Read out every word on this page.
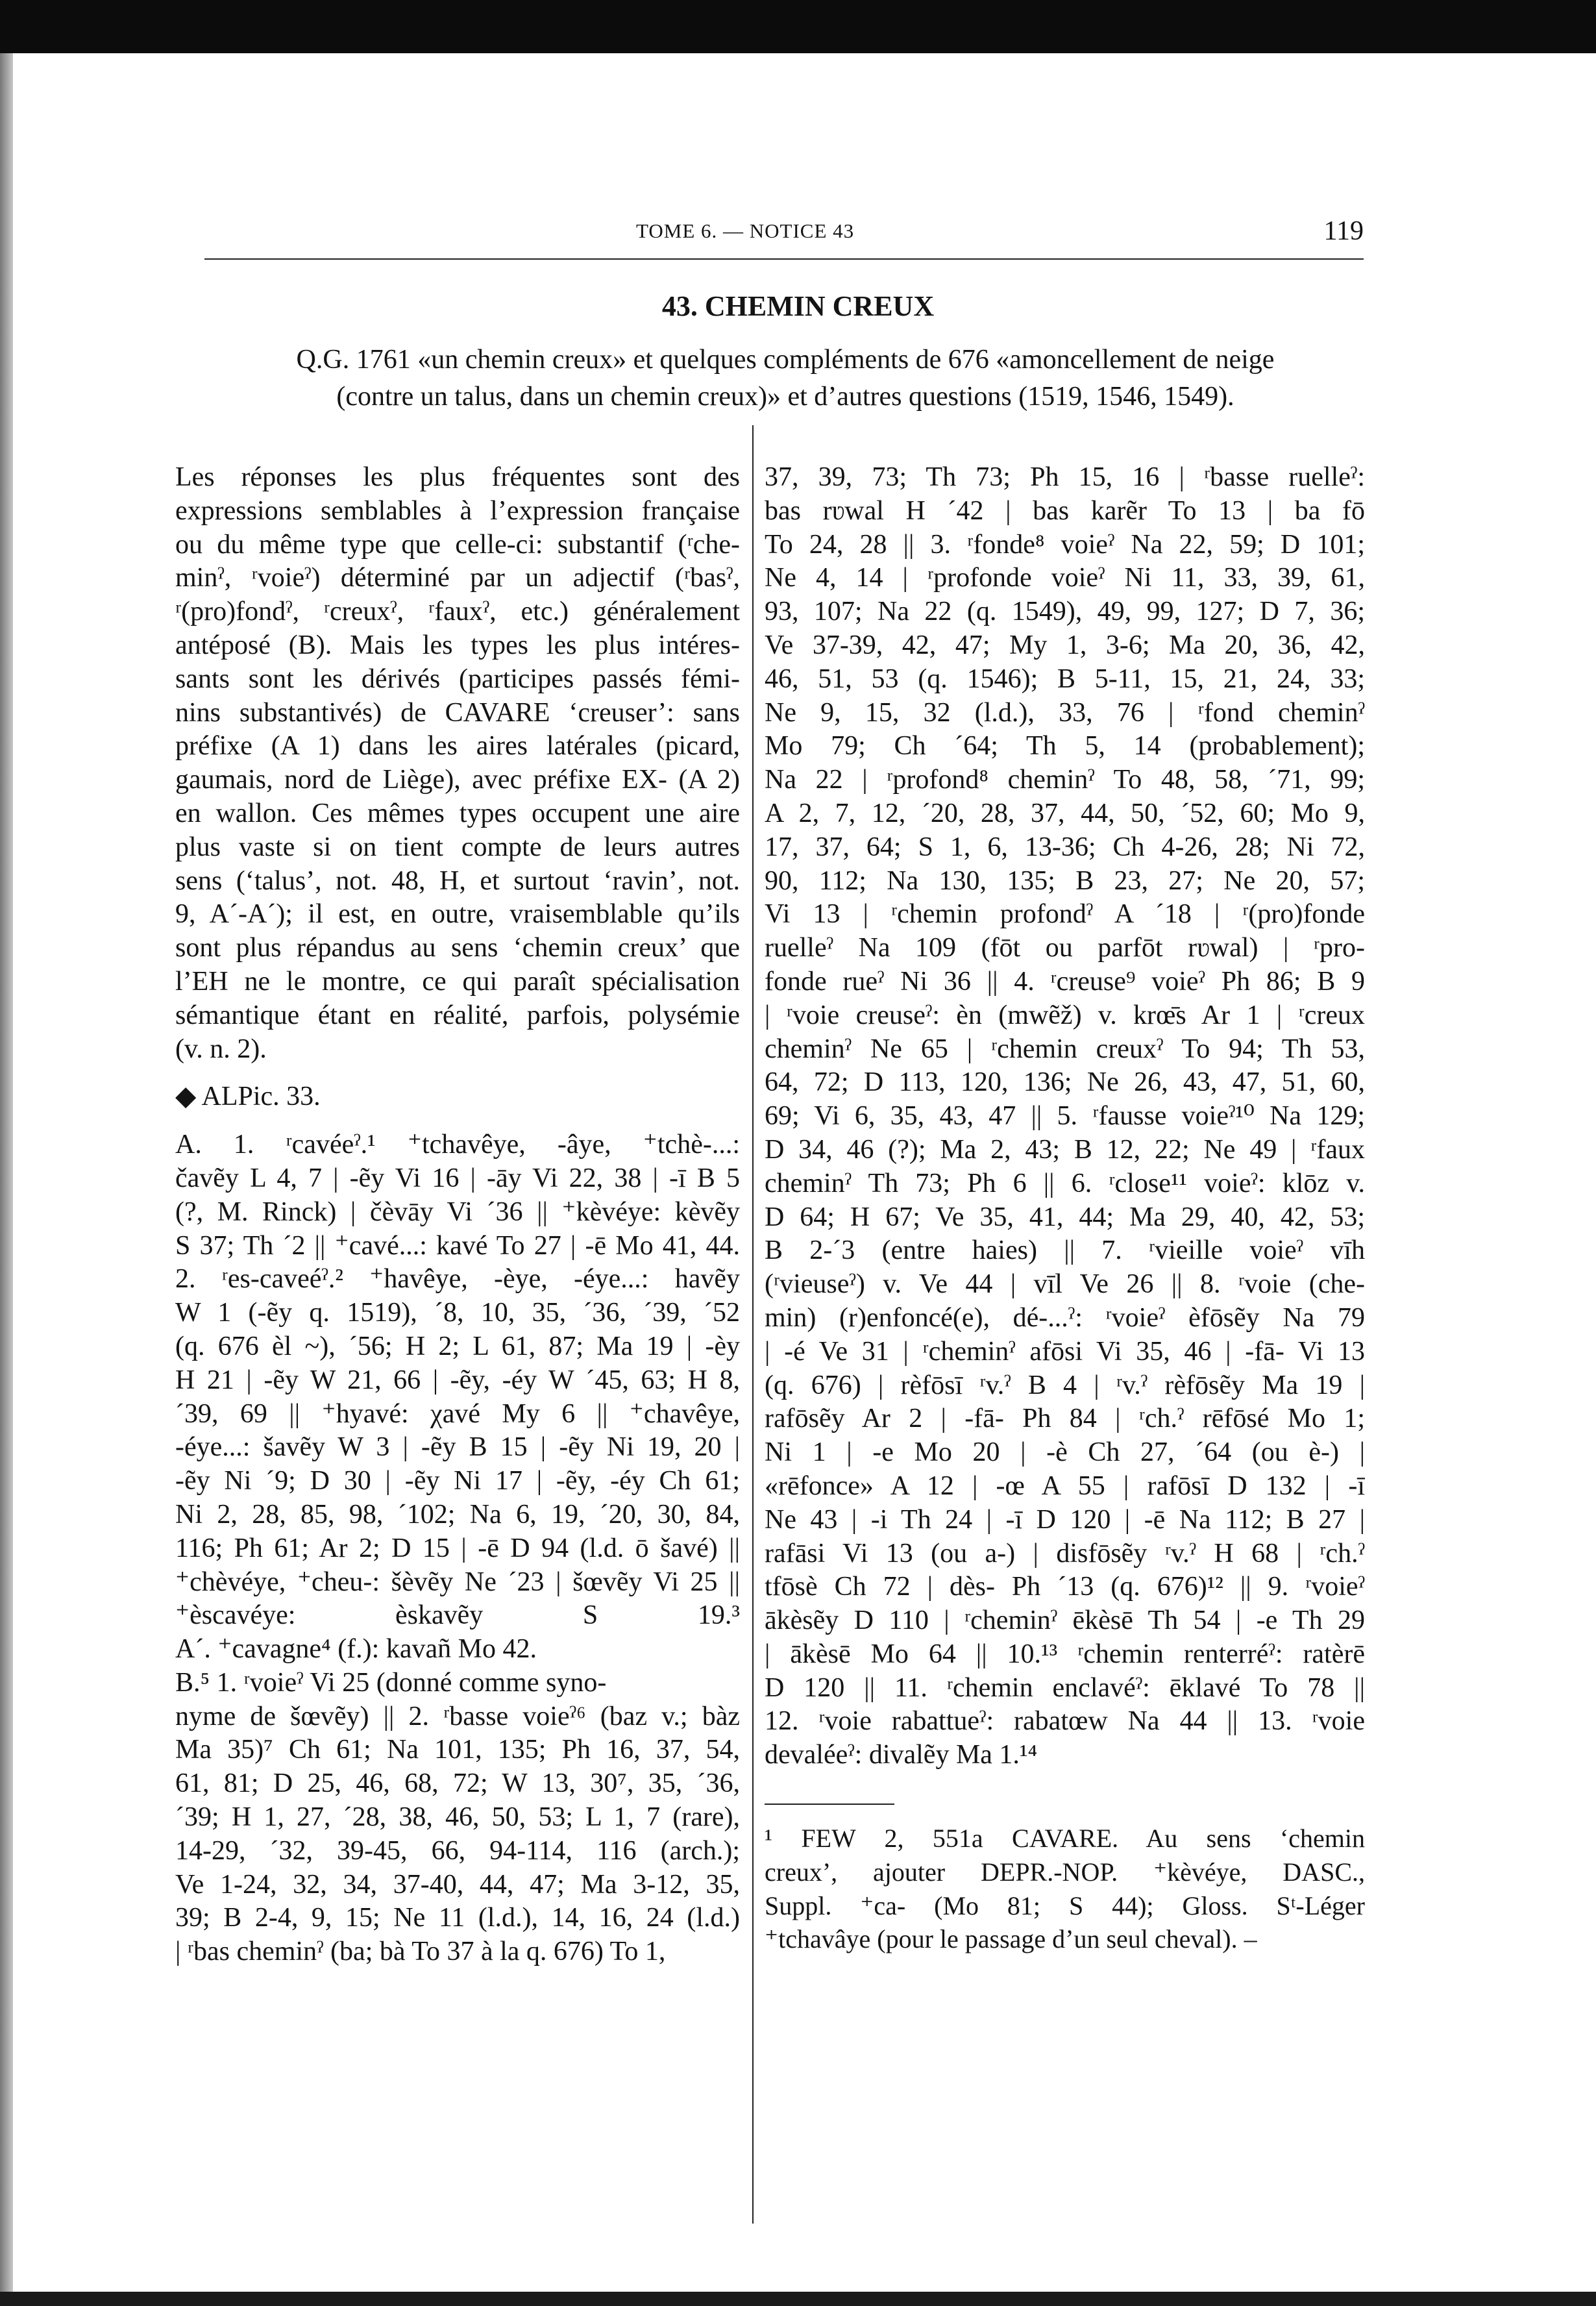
TOME 6. — NOTICE 43	119
43. CHEMIN CREUX
Q.G. 1761 «un chemin creux» et quelques compléments de 676 «amoncellement de neige
(contre un talus, dans un chemin creux)» et d’autres questions (1519, 1546, 1549).
Les réponses les plus fréquentes sont des
expressions semblables à l’expression française
ou du même type que celle-ci: substantif (ʳche-
minˀ, ʳvoieˀ) déterminé par un adjectif (ʳbasˀ,
ʳ(pro)fondˀ, ʳcreuxˀ, ʳfauxˀ, etc.) généralement
antéposé (B). Mais les types les plus intéres-
sants sont les dérivés (participes passés fémi-
nins substantivés) de CAVARE ‘creuser’: sans
préfixe (A 1) dans les aires latérales (picard,
gaumais, nord de Liège), avec préfixe EX- (A 2)
en wallon. Ces mêmes types occupent une aire
plus vaste si on tient compte de leurs autres
sens (‘talus’, not. 48, H, et surtout ‘ravin’, not.
9, A´-A´); il est, en outre, vraisemblable qu’ils
sont plus répandus au sens ‘chemin creux’ que
l’EH ne le montre, ce qui paraît spécialisation
sémantique étant en réalité, parfois, polysémie
(v. n. 2).
◆ ALPic. 33.
A. 1. ʳcavéeˀ.¹ ⁺tchavêye, -âye, ⁺tchè-...:
čavẽy L 4, 7 | -ẽy Vi 16 | -āy Vi 22, 38 | -ī B 5
(?, M. Rinck) | čèvāy Vi ´36 || ⁺kèvéye: kèvẽy
S 37; Th ´2 || ⁺cavé...: kavé To 27 | -ē Mo 41, 44.
2. ʳes-caveéˀ.² ⁺havêye, -èye, -éye...: havẽy
W 1 (-ẽy q. 1519), ´8, 10, 35, ´36, ´39, ´52
(q. 676 èl ~), ´56; H 2; L 61, 87; Ma 19 | -èy
H 21 | -ẽy W 21, 66 | -ẽy, -éy W ´45, 63; H 8,
´39, 69 || ⁺hyavé: χavé My 6 || ⁺chavêye,
-éye...: šavẽy W 3 | -ẽy B 15 | -ẽy Ni 19, 20 |
-ẽy Ni ´9; D 30 | -ẽy Ni 17 | -ẽy, -éy Ch 61;
Ni 2, 28, 85, 98, ´102; Na 6, 19, ´20, 30, 84,
116; Ph 61; Ar 2; D 15 | -ē D 94 (l.d. ō šavé) ||
⁺chèvéye, ⁺cheu-: šèvẽy Ne ´23 | šœvẽy Vi 25 ||
⁺èscavéye: èskavẽy S 19.³
A´. ⁺cavagne⁴ (f.): kavañ Mo 42.
B.⁵ 1. ʳvoieˀ Vi 25 (donné comme syno-
nyme de šœvẽy) || 2. ʳbasse voieˀ⁶ (baz v.; bàz
Ma 35)⁷ Ch 61; Na 101, 135; Ph 16, 37, 54,
61, 81; D 25, 46, 68, 72; W 13, 30⁷, 35, ´36,
´39; H 1, 27, ´28, 38, 46, 50, 53; L 1, 7 (rare),
14-29, ´32, 39-45, 66, 94-114, 116 (arch.);
Ve 1-24, 32, 34, 37-40, 44, 47; Ma 3-12, 35,
39; B 2-4, 9, 15; Ne 11 (l.d.), 14, 16, 24 (l.d.)
| ʳbas cheminˀ (ba; bà To 37 à la q. 676) To 1,
37, 39, 73; Th 73; Ph 15, 16 | ʳbasse ruelleˀ:
bas rʋwal H ´42 | bas karẽr To 13 | ba fō
To 24, 28 || 3. ʳfonde⁸ voieˀ Na 22, 59; D 101;
Ne 4, 14 | ʳprofonde voieˀ Ni 11, 33, 39, 61,
93, 107; Na 22 (q. 1549), 49, 99, 127; D 7, 36;
Ve 37-39, 42, 47; My 1, 3-6; Ma 20, 36, 42,
46, 51, 53 (q. 1546); B 5-11, 15, 21, 24, 33;
Ne 9, 15, 32 (l.d.), 33, 76 | ʳfond cheminˀ
Mo 79; Ch ´64; Th 5, 14 (probablement);
Na 22 | ʳprofond⁸ cheminˀ To 48, 58, ´71, 99;
A 2, 7, 12, ´20, 28, 37, 44, 50, ´52, 60; Mo 9,
17, 37, 64; S 1, 6, 13-36; Ch 4-26, 28; Ni 72,
90, 112; Na 130, 135; B 23, 27; Ne 20, 57;
Vi 13 | ʳchemin profondˀ A ´18 | ʳ(pro)fonde
ruelleˀ Na 109 (fōt ou parfōt rʋwal) | ʳpro-
fonde rueˀ Ni 36 || 4. ʳcreuse⁹ voieˀ Ph 86; B 9
| ʳvoie creuseˀ: èn (mwẽž) v. krœ̄s Ar 1 | ʳcreux
cheminˀ Ne 65 | ʳchemin creuxˀ To 94; Th 53,
64, 72; D 113, 120, 136; Ne 26, 43, 47, 51, 60,
69; Vi 6, 35, 43, 47 || 5. ʳfausse voieˀ¹⁰ Na 129;
D 34, 46 (?); Ma 2, 43; B 12, 22; Ne 49 | ʳfaux
cheminˀ Th 73; Ph 6 || 6. ʳclose¹¹ voieˀ: klōz v.
D 64; H 67; Ve 35, 41, 44; Ma 29, 40, 42, 53;
B 2-´3 (entre haies) || 7. ʳvieille voieˀ vīh
(ʳvieuseˀ) v. Ve 44 | vīl Ve 26 || 8. ʳvoie (che-
min) (r)enfoncé(e), dé-...ˀ: ʳvoieˀ èfōsẽy Na 79
| -é Ve 31 | ʳcheminˀ afōsi Vi 35, 46 | -fā- Vi 13
(q. 676) | rèfōsī ʳv.ˀ B 4 | ʳv.ˀ rèfōsẽy Ma 19 |
rafōsẽy Ar 2 | -fā- Ph 84 | ʳch.ˀ rēfōsé Mo 1;
Ni 1 | -e Mo 20 | -è Ch 27, ´64 (ou è-) |
«rēfonce» A 12 | -œ A 55 | rafōsī D 132 | -ī
Ne 43 | -i Th 24 | -ī D 120 | -ē Na 112; B 27 |
rafāsi Vi 13 (ou a-) | disfōsẽy ʳv.ˀ H 68 | ʳch.ˀ
tfōsè Ch 72 | dès- Ph ´13 (q. 676)¹² || 9. ʳvoieˀ
ākèsẽy D 110 | ʳcheminˀ ēkèsē Th 54 | -e Th 29
| ākèsē Mo 64 || 10.¹³ ʳchemin renterréˀ: ratèrē
D 120 || 11. ʳchemin enclavéˀ: ēklavé To 78 ||
12. ʳvoie rabattueˀ: rabatœw Na 44 || 13. ʳvoie
devaléeˀ: divalẽy Ma 1.¹⁴
¹ FEW 2, 551a CAVARE. Au sens ‘chemin
creux’, ajouter DEPR.-NOP. ⁺kèvéye, DASC.,
Suppl. ⁺ca- (Mo 81; S 44); Gloss. Sᵗ-Léger
⁺tchavâye (pour le passage d’un seul cheval). –
